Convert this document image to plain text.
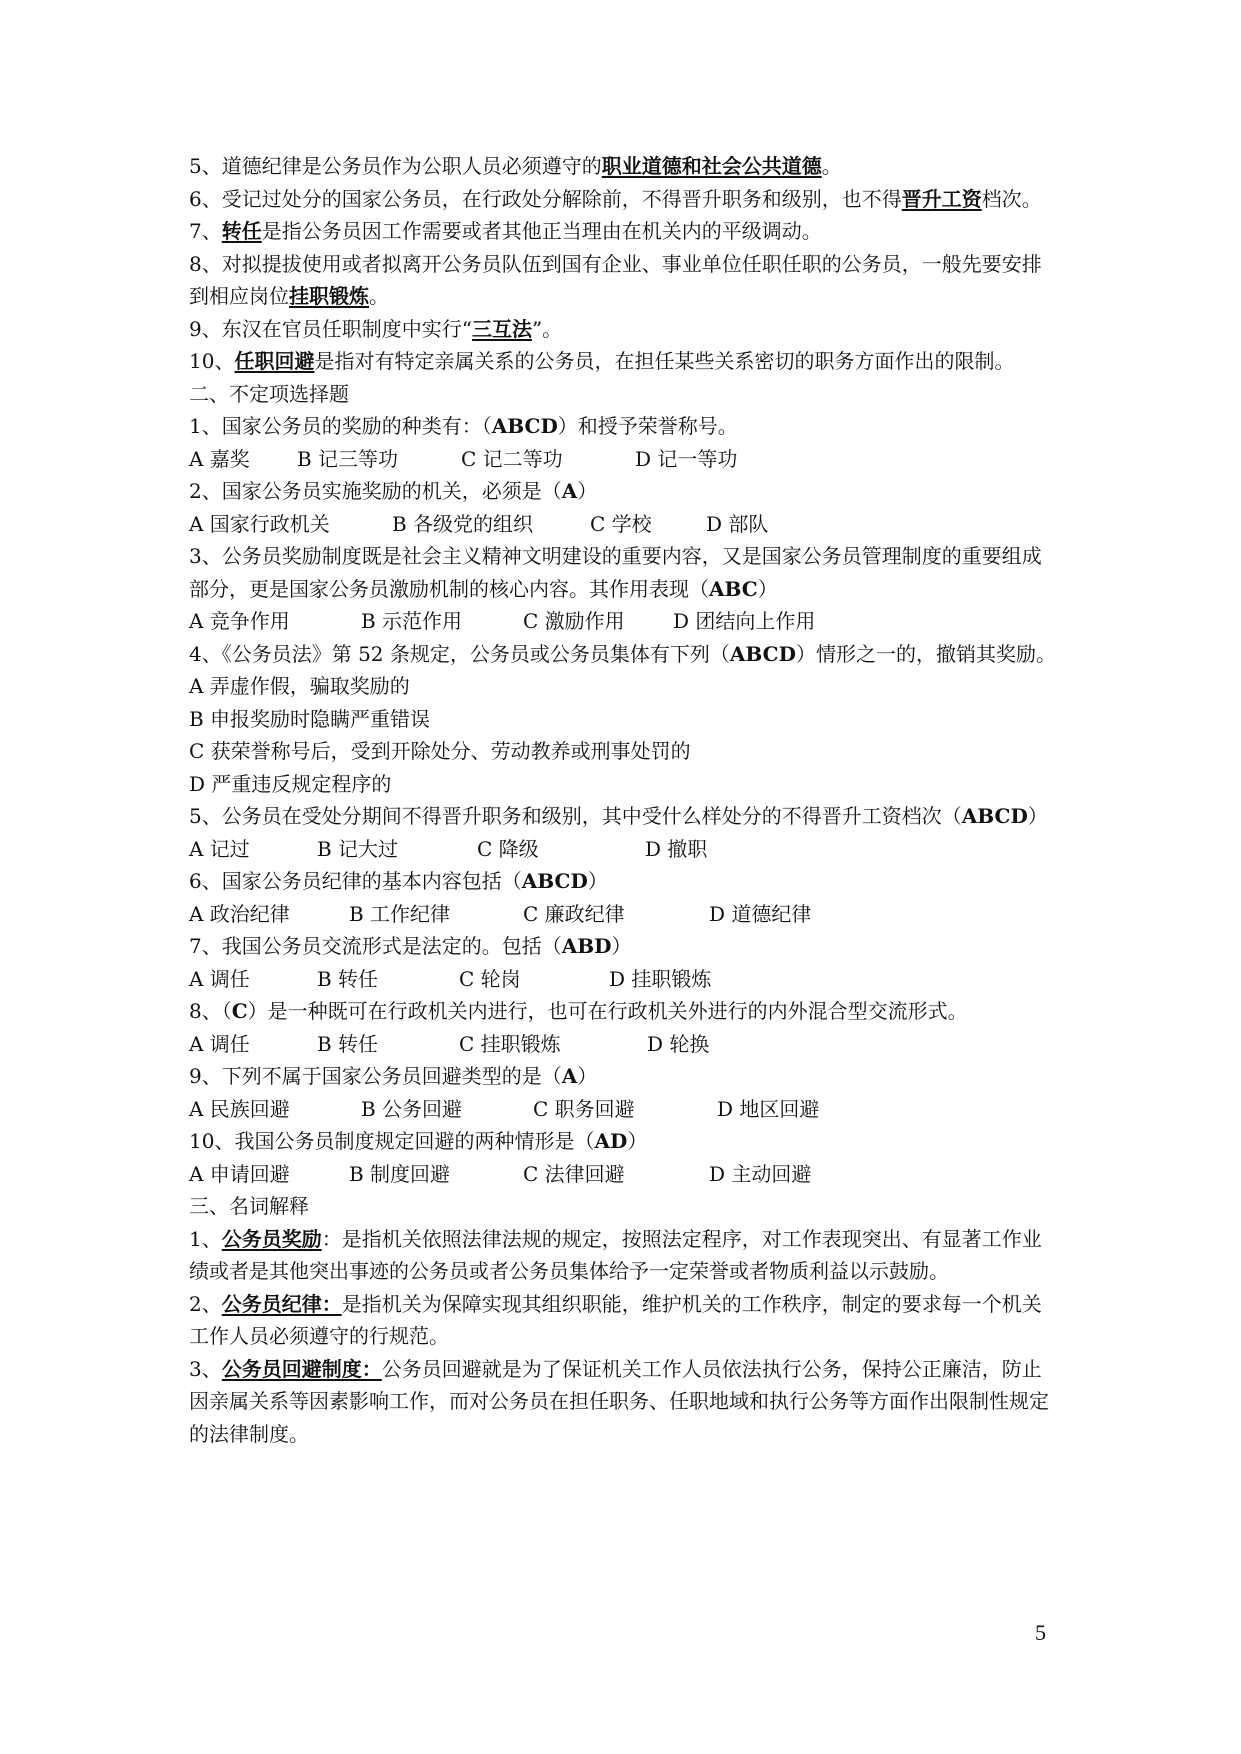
5、道德纪律是公务员作为公职人员必须遵守的职业道德和社会公共道德。
6、受记过处分的国家公务员，在行政处分解除前，不得晋升职务和级别，也不得晋升工资档次。
7、转任是指公务员因工作需要或者其他正当理由在机关内的平级调动。
8、对拟提拔使用或者拟离开公务员队伍到国有企业、事业单位任职任职的公务员，一般先要安排到相应岗位挂职锻炼。
9、东汉在官员任职制度中实行“三互法”。
10、任职回避是指对有特定亲属关系的公务员，在担任某些关系密切的职务方面作出的限制。
二、不定项选择题
1、国家公务员的奖励的种类有：（ABCD）和授予荣誉称号。
A 嘉奖	B 记三等功	C 记二等功	D 记一等功
2、国家公务员实施奖励的机关，必须是（A）
A 国家行政机关	B 各级党的组织	C 学校	D 部队
3、公务员奖励制度既是社会主义精神文明建设的重要内容，又是国家公务员管理制度的重要组成部分，更是国家公务员激励机制的核心内容。其作用表现（ABC）
A 竞争作用	B 示范作用	C 激励作用	D 团结向上作用
4、《公务员法》第 52 条规定，公务员或公务员集体有下列（ABCD）情形之一的，撤销其奖励。
A 弄虚作假，骗取奖励的
B 申报奖励时隐瞒严重错误
C 获荣誉称号后，受到开除处分、劳动教养或刑事处罚的
D 严重违反规定程序的
5、公务员在受处分期间不得晋升职务和级别，其中受什么样处分的不得晋升工资档次（ABCD）
A 记过	B 记大过	C 降级	D 撤职
6、国家公务员纪律的基本内容包括（ABCD）
A 政治纪律	B 工作纪律	C 廉政纪律	D 道德纪律
7、我国公务员交流形式是法定的。包括（ABD）
A 调任	B 转任	C 轮岗	D 挂职锻炼
8、（C）是一种既可在行政机关内进行，也可在行政机关外进行的内外混合型交流形式。
A 调任	B 转任	C 挂职锻炼	D 轮换
9、下列不属于国家公务员回避类型的是（A）
A 民族回避	B 公务回避	C 职务回避	D 地区回避
10、我国公务员制度规定回避的两种情形是（AD）
A 申请回避	B 制度回避	C 法律回避	D 主动回避
三、名词解释
1、公务员奖励：是指机关依照法律法规的规定，按照法定程序，对工作表现突出、有显著工作业绩或者是其他突出事迹的公务员或者公务员集体给予一定荣誉或者物质利益以示鼓励。
2、公务员纪律：是指机关为保障实现其组织职能，维护机关的工作秩序，制定的要求每一个机关工作人员必须遵守的行规范。
3、公务员回避制度：公务员回避就是为了保证机关工作人员依法执行公务，保持公正廉洁，防止因亲属关系等因素影响工作，而对公务员在担任职务、任职地域和执行公务等方面作出限制性规定的法律制度。
5
